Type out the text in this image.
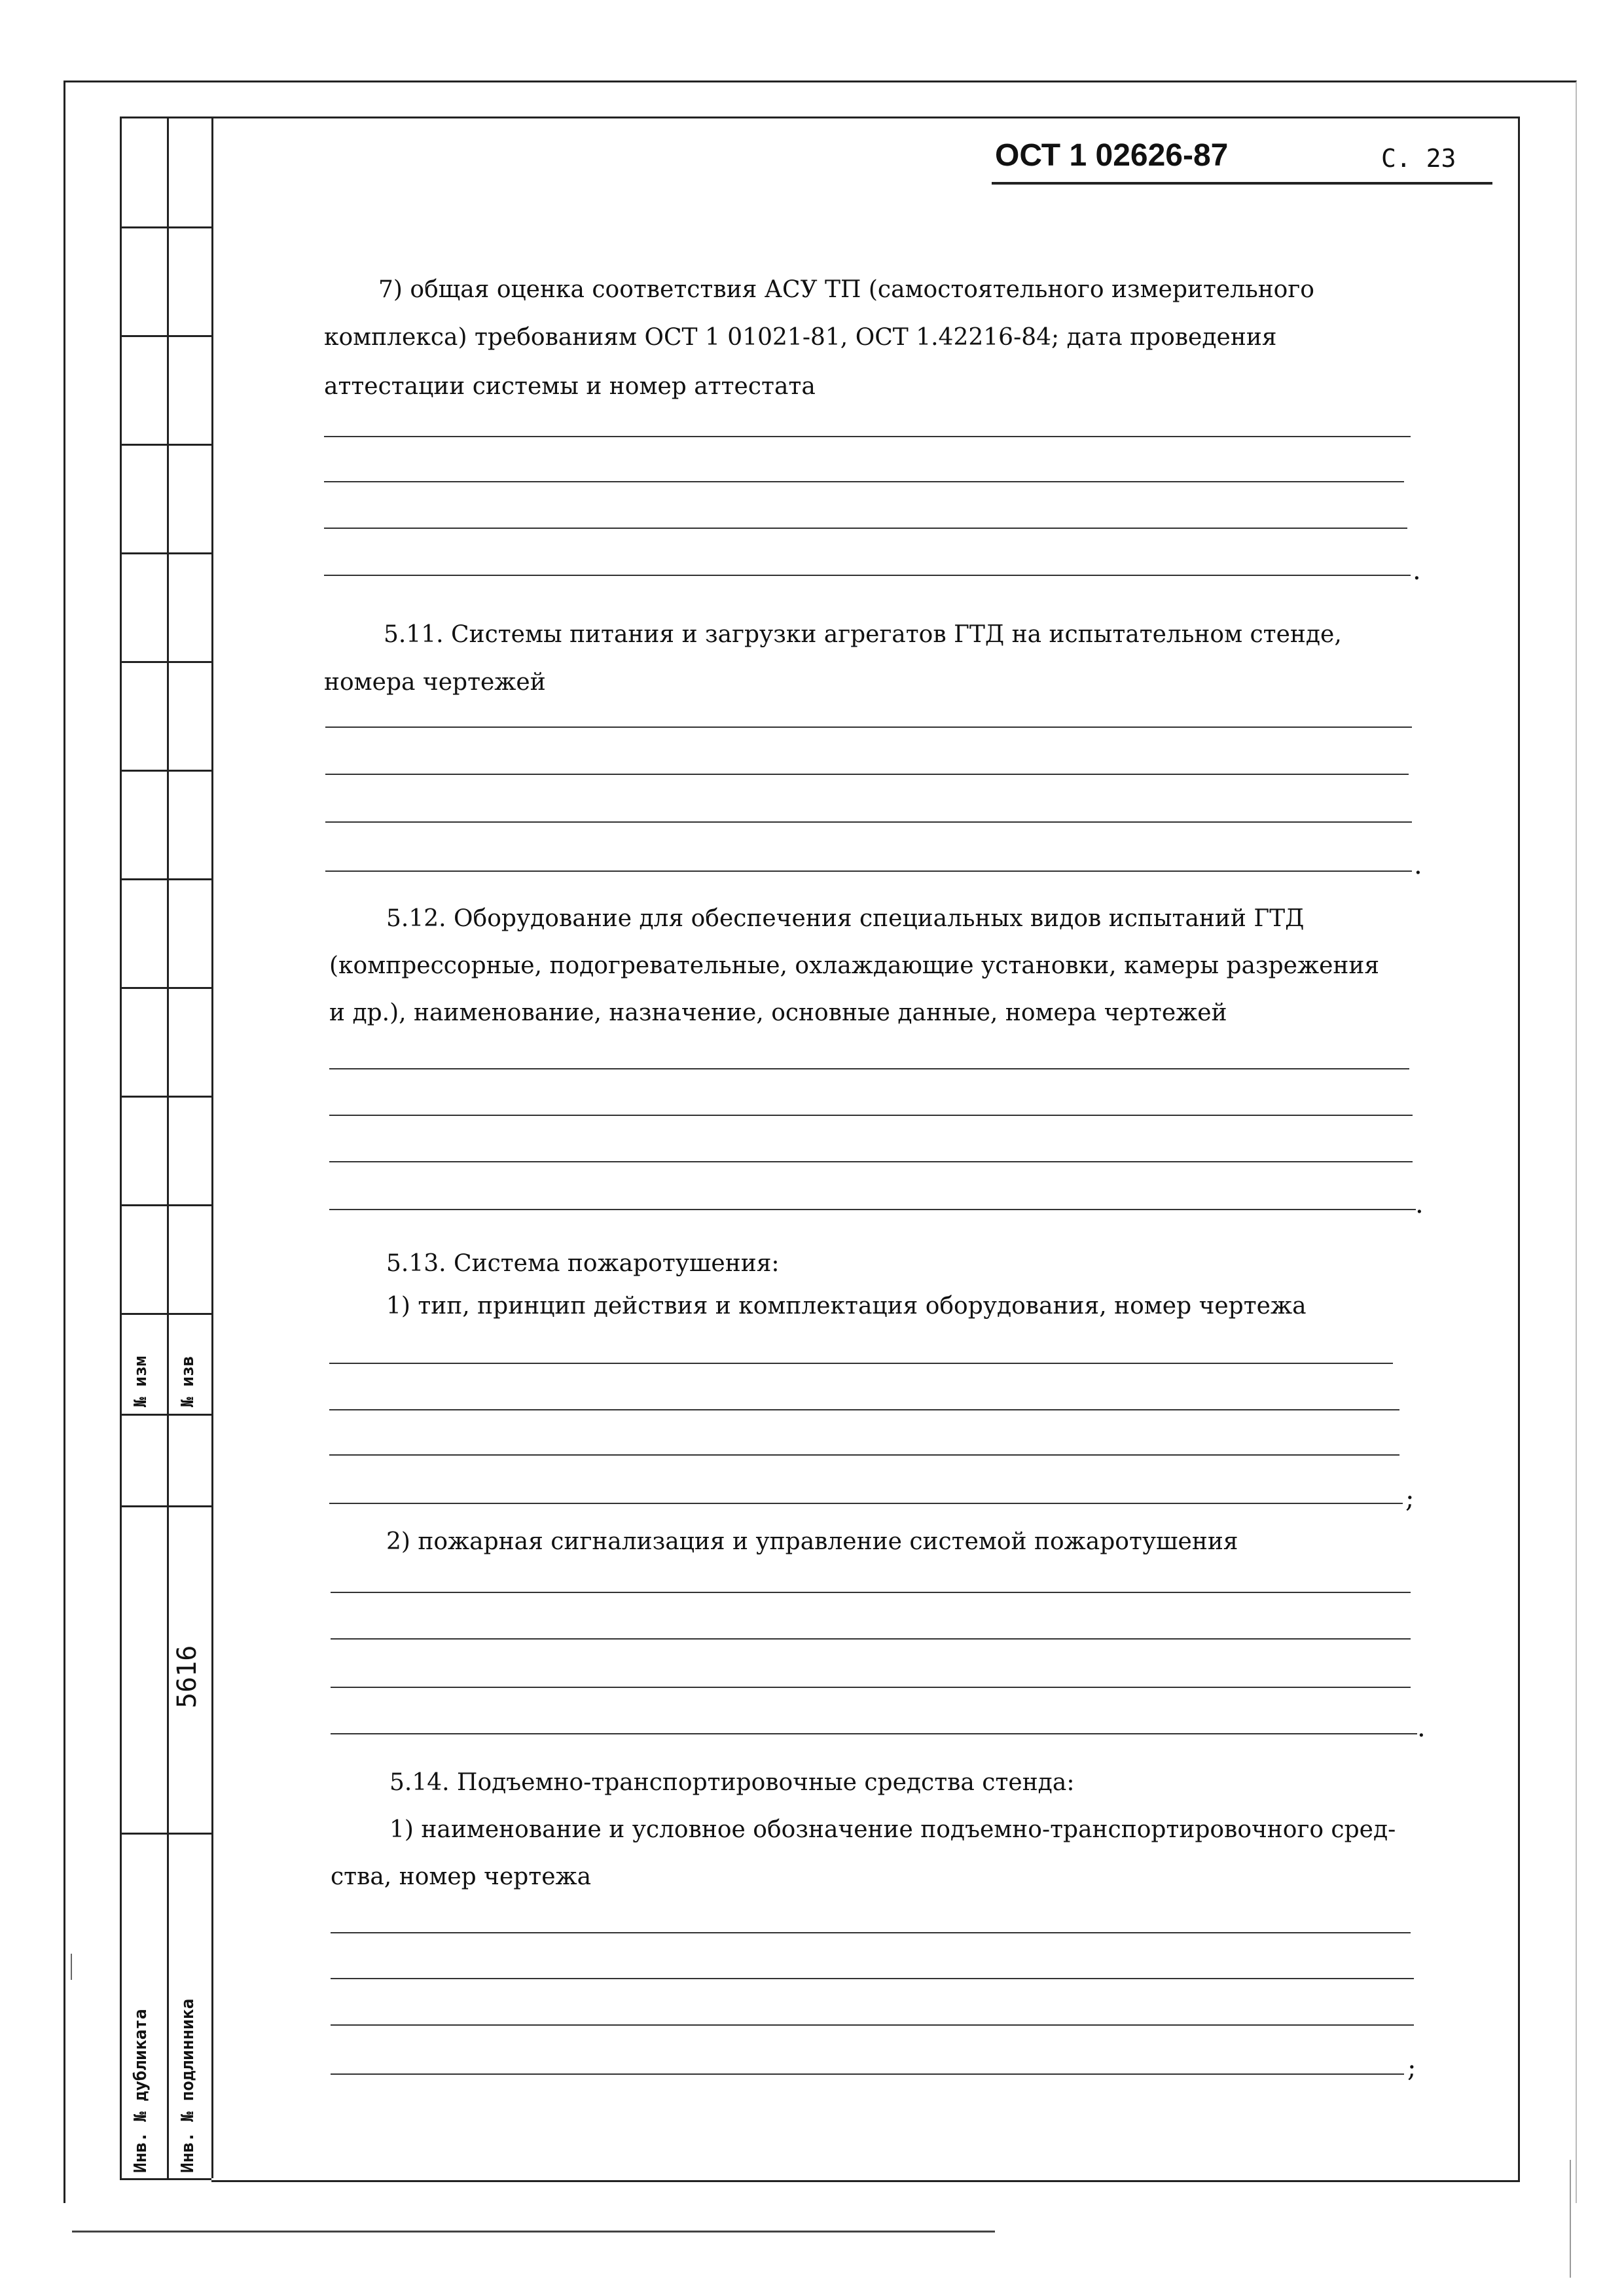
№ изм № изв
5616
Инв. № дубликата Инв. № подлинника
ОСТ 1 02626-87	С. 23
7) общая оценка соответствия АСУ ТП (самостоятельного измерительного
комплекса) требованиям ОСТ 1 01021-81, ОСТ 1.42216-84; дата проведения
аттестации системы и номер аттестата
.
5.11. Системы питания и загрузки агрегатов ГТД на испытательном стенде,
номера чертежей
.
5.12. Оборудование для обеспечения специальных видов испытаний ГТД
(компрессорные, подогревательные, охлаждающие установки, камеры разрежения
и др.), наименование, назначение, основные данные, номера чертежей
.
5.13. Система пожаротушения:
1) тип, принцип действия и комплектация оборудования, номер чертежа
;
2) пожарная сигнализация и управление системой пожаротушения
.
5.14. Подъемно-транспортировочные средства стенда:
1) наименование и условное обозначение подъемно-транспортировочного сред-
ства, номер чертежа
;
